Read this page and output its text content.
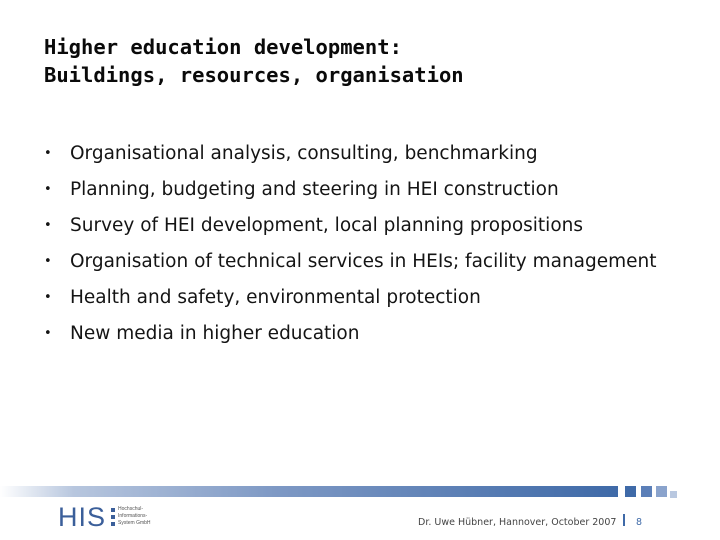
Higher education development:
Buildings, resources, organisation
• Organisational analysis, consulting, benchmarking
• Planning, budgeting and steering in HEI construction
• Survey of HEI development, local planning propositions
• Organisation of technical services in HEIs; facility management
• Health and safety, environmental protection
• New media in higher education
HIS Hochschul-
Informations-
System GmbH	Dr. Uwe Hübner, Hannover, October 2007 8
